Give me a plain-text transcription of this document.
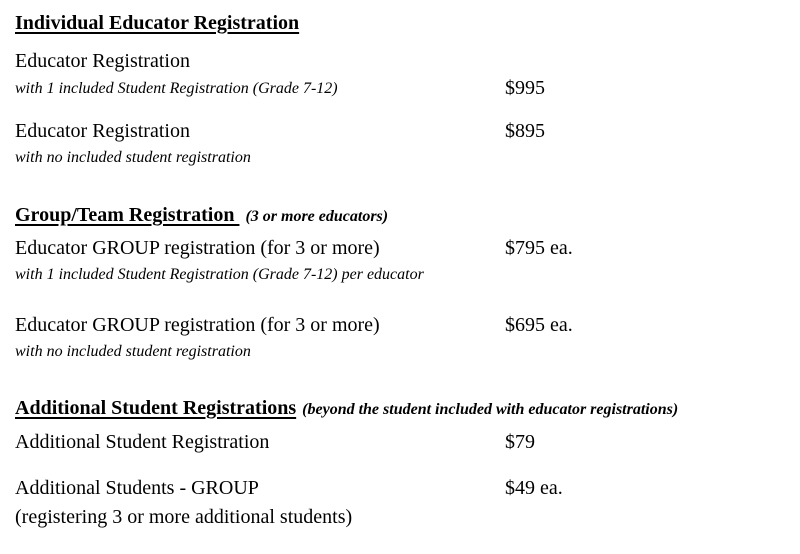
Individual Educator Registration
Educator Registration
with 1 included Student Registration (Grade 7-12)	$995
Educator Registration
with no included student registration
$895
Group/Team Registration (3 or more educators)
Educator GROUP registration (for 3 or more)
with 1 included Student Registration (Grade 7-12) per educator
$795 ea.
Educator GROUP registration (for 3 or more)
with no included student registration
$695 ea.
Additional Student Registrations (beyond the student included with educator registrations)
Additional Student Registration	$79
Additional Students - GROUP
(registering 3 or more additional students)
$49 ea.
